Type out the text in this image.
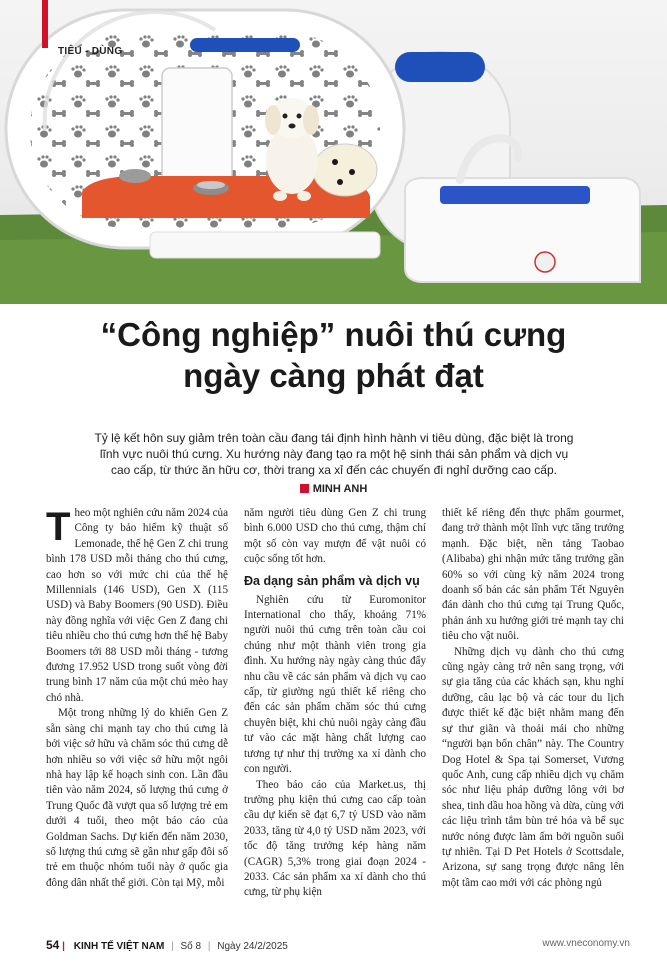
TIÊU - DÙNG
“Công nghiệp” nuôi thú cưng
ngày càng phát đạt
Tỷ lệ kết hôn suy giảm trên toàn cầu đang tái định hình hành vi tiêu dùng, đặc biệt là trong lĩnh vực nuôi thú cưng. Xu hướng này đang tạo ra một hệ sinh thái sản phẩm và dịch vụ cao cấp, từ thức ăn hữu cơ, thời trang xa xỉ đến các chuyến đi nghỉ dưỡng cao cấp.
MINH ANH

Theo một nghiên cứu năm 2024 của Công ty bảo hiểm kỹ thuật số Lemonade, thế hệ Gen Z chi trung bình 178 USD mỗi tháng cho thú cưng, cao hơn so với mức chi của thế hệ Millennials (146 USD), Gen X (115 USD) và Baby Boomers (90 USD). Điều này đồng nghĩa với việc Gen Z đang chi tiêu nhiều cho thú cưng hơn thế hệ Baby Boomers tới 88 USD mỗi tháng - tương đương 17.952 USD trong suốt vòng đời trung bình 17 năm của một chú mèo hay chó nhà.

Một trong những lý do khiến Gen Z sẵn sàng chi mạnh tay cho thú cưng là bởi việc sở hữu và chăm sóc thú cưng dễ hơn nhiều so với việc sở hữu một ngôi nhà hay lập kế hoạch sinh con. Lần đầu tiên vào năm 2024, số lượng thú cưng ở Trung Quốc đã vượt qua số lượng trẻ em dưới 4 tuổi, theo một báo cáo của Goldman Sachs. Dự kiến đến năm 2030, số lượng thú cưng sẽ gần như gấp đôi số trẻ em thuộc nhóm tuổi này ở quốc gia đông dân nhất thế giới. Còn tại Mỹ, mỗi

năm người tiêu dùng Gen Z chi trung bình 6.000 USD cho thú cưng, thậm chí một số còn vay mượn để vật nuôi có cuộc sống tốt hơn.

Đa dạng sản phẩm và dịch vụ

Nghiên cứu từ Euromonitor International cho thấy, khoảng 71% người nuôi thú cưng trên toàn cầu coi chúng như một thành viên trong gia đình. Xu hướng này ngày càng thúc đẩy nhu cầu về các sản phẩm và dịch vụ cao cấp, từ giường ngủ thiết kế riêng cho đến các sản phẩm chăm sóc thú cưng chuyên biệt, khi chủ nuôi ngày càng đầu tư vào các mặt hàng chất lượng cao tương tự như thị trường xa xỉ dành cho con người.

Theo báo cáo của Market.us, thị trường phụ kiện thú cưng cao cấp toàn cầu dự kiến sẽ đạt 6,7 tỷ USD vào năm 2033, tăng từ 4,0 tỷ USD năm 2023, với tốc độ tăng trưởng kép hàng năm (CAGR) 5,3% trong giai đoạn 2024 - 2033. Các sản phẩm xa xỉ dành cho thú cưng, từ phụ kiện

thiết kế riêng đến thực phẩm gourmet, đang trở thành một lĩnh vực tăng trưởng mạnh. Đặc biệt, nền tảng Taobao (Alibaba) ghi nhận mức tăng trưởng gần 60% so với cùng kỳ năm 2024 trong doanh số bán các sản phẩm Tết Nguyên đán dành cho thú cưng tại Trung Quốc, phản ánh xu hướng giới trẻ mạnh tay chi tiêu cho vật nuôi.

Những dịch vụ dành cho thú cưng cũng ngày càng trở nên sang trọng, với sự gia tăng của các khách sạn, khu nghỉ dưỡng, câu lạc bộ và các tour du lịch được thiết kế đặc biệt nhằm mang đến sự thư giãn và thoải mái cho những “người bạn bốn chân” này. The Country Dog Hotel & Spa tại Somerset, Vương quốc Anh, cung cấp nhiều dịch vụ chăm sóc như liệu pháp dưỡng lông với bơ shea, tinh dầu hoa hồng và dừa, cùng với các liệu trình tắm bùn trẻ hóa và bể sục nước nóng được làm ấm bởi nguồn suối tự nhiên. Tại D Pet Hotels ở Scottsdale, Arizona, sự sang trọng được nâng lên một tầm cao mới với các phòng ngủ

54 | KINH TẾ VIỆT NAM | Số 8 | Ngày 24/2/2025	www.vneconomy.vn
